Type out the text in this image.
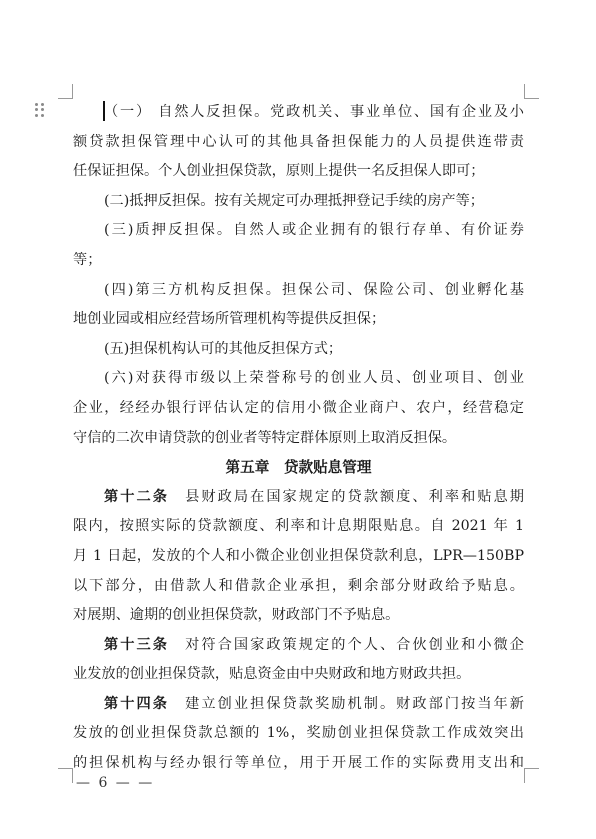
（一） 自然人反担保。党政机关、事业单位、国有企业及小
额贷款担保管理中心认可的其他具备担保能力的人员提供连带责
任保证担保。个人创业担保贷款，原则上提供一名反担保人即可；
(二)抵押反担保。按有关规定可办理抵押登记手续的房产等；
(三)质押反担保。自然人或企业拥有的银行存单、有价证券
等；
(四)第三方机构反担保。担保公司、保险公司、创业孵化基
地创业园或相应经营场所管理机构等提供反担保；
(五)担保机构认可的其他反担保方式；
(六)对获得市级以上荣誉称号的创业人员、创业项目、创业
企业，经经办银行评估认定的信用小微企业商户、农户，经营稳定
守信的二次申请贷款的创业者等特定群体原则上取消反担保。
第五章　贷款贴息管理
第十二条　 县财政局在国家规定的贷款额度、利率和贴息期
限内，按照实际的贷款额度、利率和计息期限贴息。自 2021 年 1
月 1 日起，发放的个人和小微企业创业担保贷款利息，LPR—150BP
以下部分，由借款人和借款企业承担，剩余部分财政给予贴息。
对展期、逾期的创业担保贷款，财政部门不予贴息。
第十三条　 对符合国家政策规定的个人、合伙创业和小微企
业发放的创业担保贷款，贴息资金由中央财政和地方财政共担。
第十四条　 建立创业担保贷款奖励机制。财政部门按当年新
发放的创业担保贷款总额的 1%，奖励创业担保贷款工作成效突出
的担保机构与经办银行等单位，用于开展工作的实际费用支出和
— 6 — —
